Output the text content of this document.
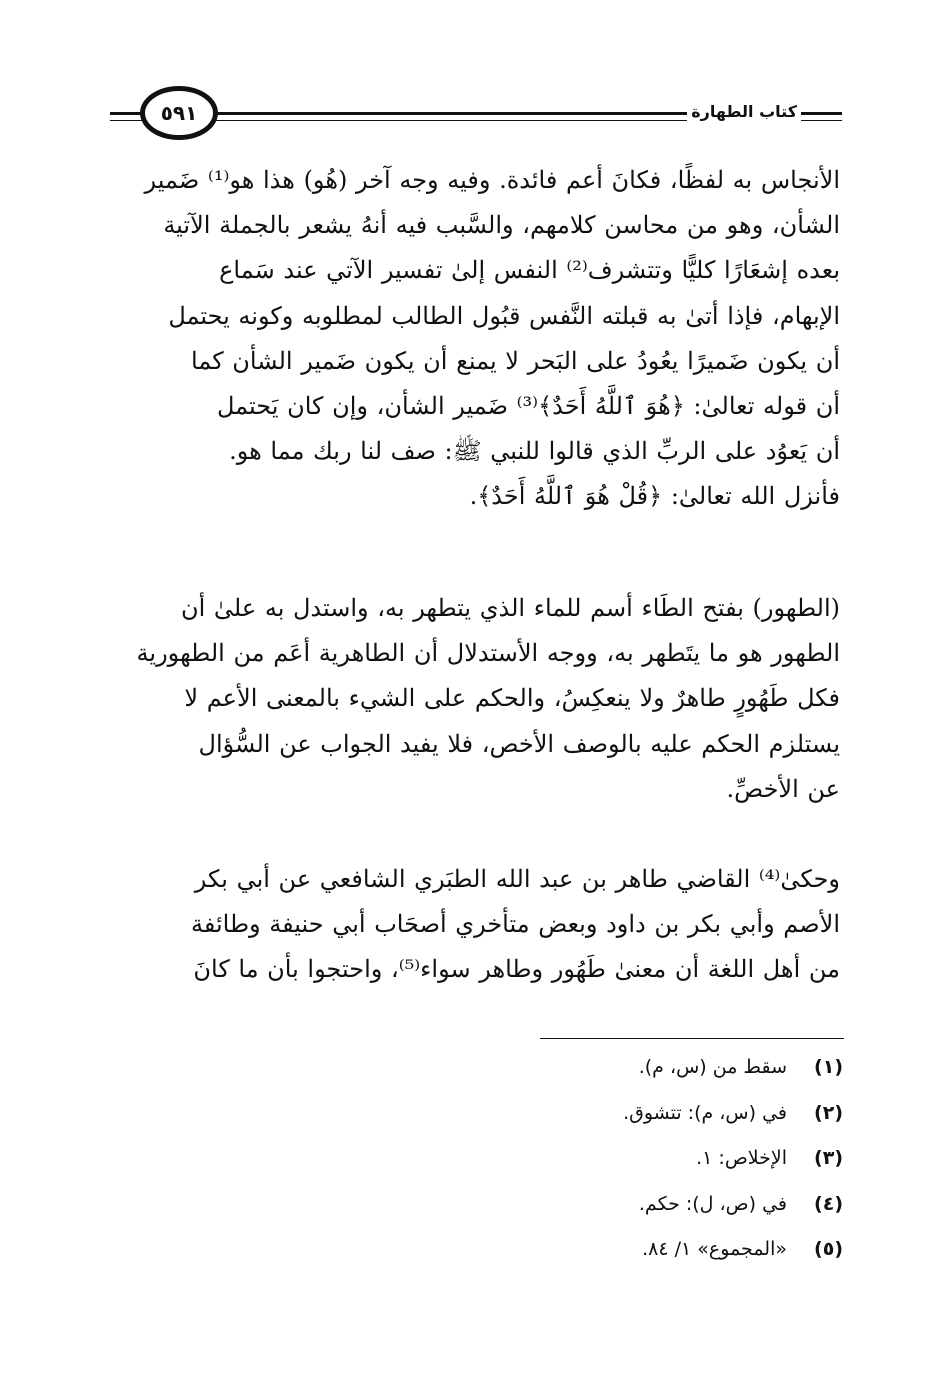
٥٩١	كتاب الطهارة
الأنجاس به لفظًا، فكانَ أعم فائدة. وفيه وجه آخر (هُو) هذا هو⁽¹⁾ ضَمير
الشأن، وهو من محاسن كلامهم، والسَّبب فيه أنهُ يشعر بالجملة الآتية
بعده إشعَارًا كليًّا وتتشرف⁽²⁾ النفس إلىٰ تفسير الآتي عند سَماع
الإبهام، فإذا أتىٰ به قبلته النَّفس قبُول الطالب لمطلوبه وكونه يحتمل
أن يكون ضَميرًا يعُودُ على البَحر لا يمنع أن يكون ضَمير الشأن كما
أن قوله تعالىٰ: ﴿هُوَ ٱللَّهُ أَحَدٌ﴾⁽³⁾ ضَمير الشأن، وإن كان يَحتمل
أن يَعوُد على الربِّ الذي قالوا للنبي ﷺ: صف لنا ربك مما هو.
فأنزل الله تعالىٰ: ﴿قُلْ هُوَ ٱللَّهُ أَحَدٌ﴾.
(الطهور) بفتح الطَاء أسم للماء الذي يتطهر به، واستدل به علىٰ أن
الطهور هو ما يتَطهر به، ووجه الأستدلال أن الطاهرية أعَم من الطهورية
فكل طَهُورٍ طاهرٌ ولا ينعكِسُ، والحكم على الشيء بالمعنى الأعم لا
يستلزم الحكم عليه بالوصف الأخص، فلا يفيد الجواب عن السُّؤال
عن الأخصِّ.
وحكىٰ⁽⁴⁾ القاضي طاهر بن عبد الله الطبَري الشافعي عن أبي بكر
الأصم وأبي بكر بن داود وبعض متأخري أصحَاب أبي حنيفة وطائفة
من أهل اللغة أن معنىٰ طَهُور وطاهر سواء⁽⁵⁾، واحتجوا بأن ما كانَ
(١)
سقط من (س، م).
(٢)
في (س، م): تتشوق.
(٣)
الإخلاص: ١.
(٤)
في (ص، ل): حكم.
(٥)
«المجموع» ١/ ٨٤.
